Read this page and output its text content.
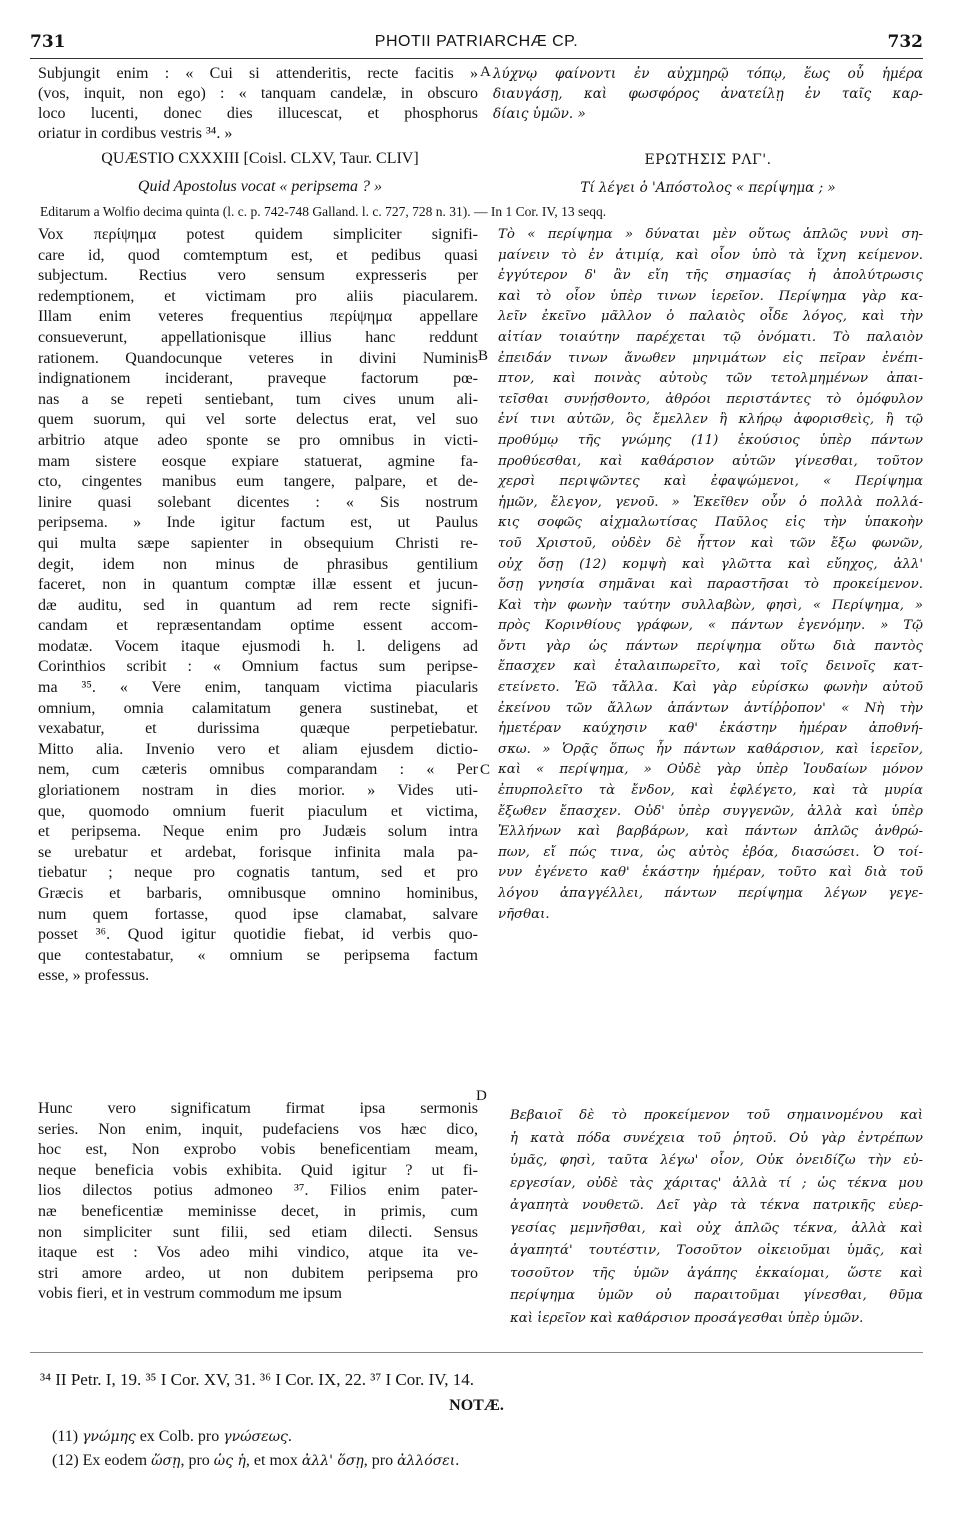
731	PHOTII PATRIARCHÆ CP.	732
Subjungit enim : « Cui si attenderitis, recte facitis »
(vos, inquit, non ego) : « tanquam candelæ, in obscuro
loco lucenti, donec dies illucescat, et phosphorus
oriatur in cordibus vestris ³⁴. »
λύχνῳ φαίνοντι ἐν αὐχμηρῷ τόπῳ, ἕως οὗ ἡμέρα
διαυγάσῃ, καὶ φωσφόρος ἀνατείλῃ ἐν ταῖς καρ-
δίαις ὑμῶν. »
A
B
C
D
QUÆSTIO CXXXIII [Coisl. CLXV, Taur. CLIV]
Quid Apostolus vocat « peripsema ? »
ΕΡΩΤΗΣΙΣ ΡΛΓ'.
Τί λέγει ὁ 'Απόστολος « περίψημα ; »
Editarum a Wolfio decima quinta (l. c. p. 742-748 Galland. l. c. 727, 728 n. 31). — In 1 Cor. IV, 13 seqq.
Vox περίψημα potest quidem simpliciter signifi-
care id, quod comtemptum est, et pedibus quasi
subjectum. Rectius vero sensum expresseris per
redemptionem, et victimam pro aliis piacularem.
Illam enim veteres frequentius περίψημα appellare
consueverunt, appellationisque illius hanc reddunt
rationem. Quandocunque veteres in divini Numinis
indignationem inciderant, praveque factorum pœ-
nas a se repeti sentiebant, tum cives unum ali-
quem suorum, qui vel sorte delectus erat, vel suo
arbitrio atque adeo sponte se pro omnibus in victi-
mam sistere eosque expiare statuerat, agmine fa-
cto, cingentes manibus eum tangere, palpare, et de-
linire quasi solebant dicentes : « Sis nostrum
peripsema. » Inde igitur factum est, ut Paulus
qui multa sæpe sapienter in obsequium Christi re-
degit, idem non minus de phrasibus gentilium
faceret, non in quantum comptæ illæ essent et jucun-
dæ auditu, sed in quantum ad rem recte signifi-
candam et repræsentandam optime essent accom-
modatæ. Vocem itaque ejusmodi h. l. deligens ad
Corinthios scribit : « Omnium factus sum peripse-
ma ³⁵. « Vere enim, tanquam victima piacularis
omnium, omnia calamitatum genera sustinebat, et
vexabatur, et durissima quæque perpetiebatur.
Mitto alia. Invenio vero et aliam ejusdem dictio-
nem, cum cæteris omnibus comparandam : « Per
gloriationem nostram in dies morior. » Vides uti-
que, quomodo omnium fuerit piaculum et victima,
et peripsema. Neque enim pro Judæis solum intra
se urebatur et ardebat, forisque infinita mala pa-
tiebatur ; neque pro cognatis tantum, sed et pro
Græcis et barbaris, omnibusque omnino hominibus,
num quem fortasse, quod ipse clamabat, salvare
posset ³⁶. Quod igitur quotidie fiebat, id verbis quo-
que contestabatur, « omnium se peripsema factum
esse, » professus.
Hunc vero significatum firmat ipsa sermonis
series. Non enim, inquit, pudefaciens vos hæc dico,
hoc est, Non exprobo vobis beneficentiam meam,
neque beneficia vobis exhibita. Quid igitur ? ut fi-
lios dilectos potius admoneo ³⁷. Filios enim pater-
næ beneficentiæ meminisse decet, in primis, cum
non simpliciter sunt filii, sed etiam dilecti. Sensus
itaque est : Vos adeo mihi vindico, atque ita ve-
stri amore ardeo, ut non dubitem peripsema pro
vobis fieri, et in vestrum commodum me ipsum
Τὸ « περίψημα » δύναται μὲν οὕτως ἁπλῶς νυνὶ ση-
μαίνειν τὸ ἐν ἀτιμίᾳ, καὶ οἷον ὑπὸ τὰ ἴχνη κείμενον.
ἐγγύτερον δ' ἂν εἴη τῆς σημασίας ἡ ἀπολύτρωσις
καὶ τὸ οἷον ὑπὲρ τινων ἱερεῖον. Περίψημα γὰρ κα-
λεῖν ἐκεῖνο μᾶλλον ὁ παλαιὸς οἶδε λόγος, καὶ τὴν
αἰτίαν τοιαύτην παρέχεται τῷ ὀνόματι. Τὸ παλαιὸν
ἐπειδάν τινων ἄνωθεν μηνιμάτων εἰς πεῖραν ἐνέπι-
πτον, καὶ ποινὰς αὐτοὺς τῶν τετολμημένων ἀπαι-
τεῖσθαι συνῄσθοντο, ἀθρόοι περιστάντες τὸ ὁμόφυλον
ἐνί τινι αὐτῶν, ὃς ἔμελλεν ἢ κλήρῳ ἀφορισθεὶς, ἢ τῷ
προθύμῳ τῆς γνώμης (11) ἑκούσιος ὑπὲρ πάντων
προθύεσθαι, καὶ καθάρσιον αὐτῶν γίνεσθαι, τοῦτον
χερσὶ περιψῶντες καὶ ἐφαψώμενοι, « Περίψημα
ἡμῶν, ἔλεγον, γενοῦ. » Ἐκεῖθεν οὖν ὁ πολλὰ πολλά-
κις σοφῶς αἰχμαλωτίσας Παῦλος εἰς τὴν ὑπακοὴν
τοῦ Χριστοῦ, οὐδὲν δὲ ἧττον καὶ τῶν ἔξω φωνῶν,
οὐχ ὅσῃ (12) κομψὴ καὶ γλῶττα καὶ εὔηχος, ἀλλ'
ὅσῃ γνησία σημᾶναι καὶ παραστῆσαι τὸ προκείμενον.
Καὶ τὴν φωνὴν ταύτην συλλαβὼν, φησὶ, « Περίψημα, »
πρὸς Κορινθίους γράφων, « πάντων ἐγενόμην. » Τῷ
ὄντι γὰρ ὡς πάντων περίψημα οὕτω διὰ παντὸς
ἔπασχεν καὶ ἐταλαιπωρεῖτο, καὶ τοῖς δεινοῖς κατ-
ετείνετο. Ἐῶ τἄλλα. Καὶ γὰρ εὑρίσκω φωνὴν αὐτοῦ
ἐκείνου τῶν ἄλλων ἁπάντων ἀντίῤῥοπον' « Νὴ τὴν
ἡμετέραν καύχησιν καθ' ἑκάστην ἡμέραν ἀποθνή-
σκω. » Ὁρᾷς ὅπως ἦν πάντων καθάρσιον, καὶ ἱερεῖον,
καὶ « περίψημα, » Οὐδὲ γὰρ ὑπὲρ Ἰουδαίων μόνον
ἐπυρπολεῖτο τὰ ἔνδον, καὶ ἐφλέγετο, καὶ τὰ μυρία
ἔξωθεν ἔπασχεν. Οὐδ' ὑπὲρ συγγενῶν, ἀλλὰ καὶ ὑπὲρ
Ἑλλήνων καὶ βαρβάρων, καὶ πάντων ἁπλῶς ἀνθρώ-
πων, εἴ πώς τινα, ὡς αὐτὸς ἐβόα, διασώσει. Ὁ τοί-
νυν ἐγένετο καθ' ἑκάστην ἡμέραν, τοῦτο καὶ διὰ τοῦ
λόγου ἀπαγγέλλει, πάντων περίψημα λέγων γεγε-
νῆσθαι.
Βεβαιοῖ δὲ τὸ προκείμενον τοῦ σημαινομένου καὶ
ἡ κατὰ πόδα συνέχεια τοῦ ῥητοῦ. Οὐ γὰρ ἐντρέπων
ὑμᾶς, φησὶ, ταῦτα λέγω' οἷον, Οὐκ ὀνειδίζω τὴν εὐ-
εργεσίαν, οὐδὲ τὰς χάριτας' ἀλλὰ τί ; ὡς τέκνα μου
ἀγαπητὰ νουθετῶ. Δεῖ γὰρ τὰ τέκνα πατρικῆς εὐερ-
γεσίας μεμνῆσθαι, καὶ οὐχ ἁπλῶς τέκνα, ἀλλὰ καὶ
ἀγαπητά' τουτέστιν, Τοσοῦτον οἰκειοῦμαι ὑμᾶς, καὶ
τοσοῦτον τῆς ὑμῶν ἀγάπης ἐκκαίομαι, ὥστε καὶ
περίψημα ὑμῶν οὐ παραιτοῦμαι γίνεσθαι, θῦμα
καὶ ἱερεῖον καὶ καθάρσιον προσάγεσθαι ὑπὲρ ὑμῶν.
³⁴ II Petr. I, 19. ³⁵ I Cor. XV, 31. ³⁶ I Cor. IX, 22. ³⁷ I Cor. IV, 14.
NOTÆ.
(11) γνώμης ex Colb. pro γνώσεως.
(12) Ex eodem ὥσῃ, pro ὡς ἡ, et mox ἀλλ' ὅσῃ, pro ἀλλόσει.
